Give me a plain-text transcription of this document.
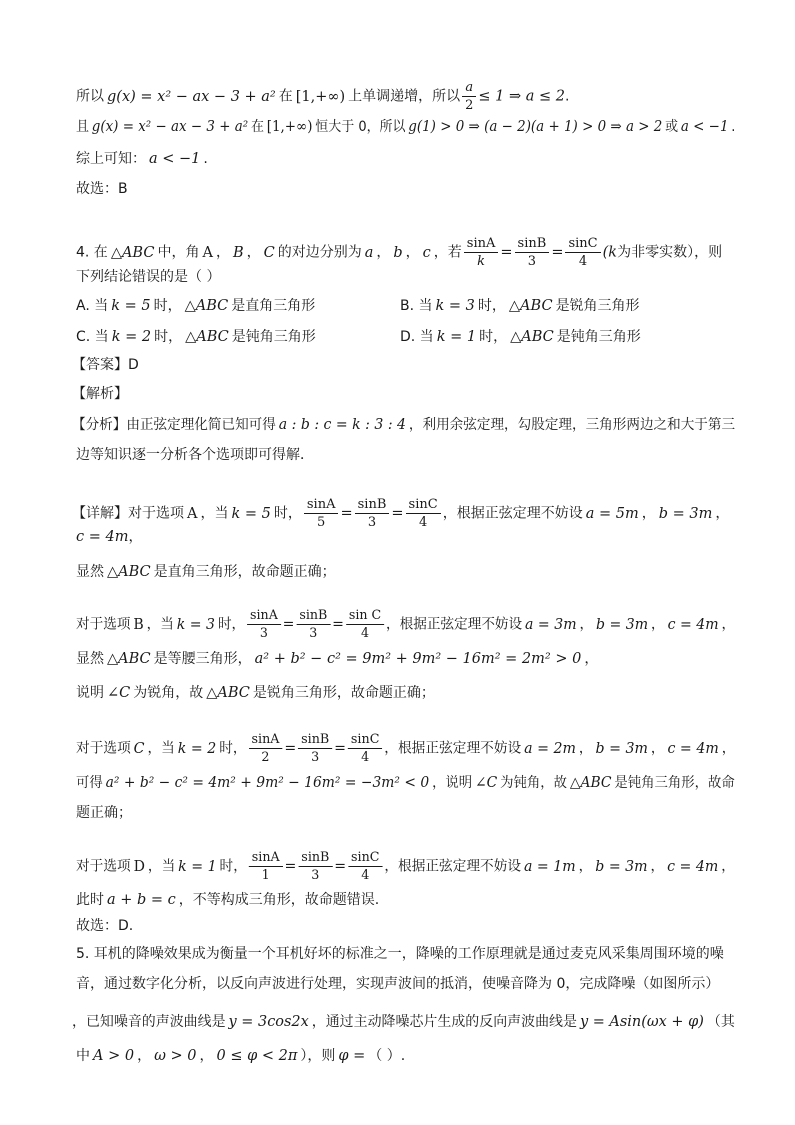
所以 g(x) = x² − ax − 3 + a² 在 [1,+∞) 上单调递增，所以 $\frac{a}{2} \le 1$ ⇒ a ≤ 2.
且 g(x) = x² − ax − 3 + a² 在 [1,+∞) 恒大于 0，所以 g(1) > 0 ⇒ (a − 2)(a + 1) > 0 ⇒ a > 2 或 a < −1 .
综上可知： a < −1 .
故选：B
4. 在 △ABC 中，角 A ， B ， C 的对边分别为 a ， b ， c ，若 $\frac{\sin A}{k} = \frac{\sin B}{3} = \frac{\sin C}{4} (k$为非零实数），则
下列结论错误的是（ ）
A. 当 k = 5 时， △ABC 是直角三角形	B. 当 k = 3 时， △ABC 是锐角三角形
C. 当 k = 2 时， △ABC 是钝角三角形	D. 当 k = 1 时， △ABC 是钝角三角形
【答案】D
【解析】
【分析】由正弦定理化简已知可得 a : b : c = k : 3 : 4 ，利用余弦定理，勾股定理，三角形两边之和大于第三
边等知识逐一分析各个选项即可得解．
【详解】对于选项 A ，当 k = 5 时， $\frac{\sin A}{5} = \frac{\sin B}{3} = \frac{\sin C}{4}$ ，根据正弦定理不妨设 a = 5m ， b = 3m ，
c = 4m，
显然 △ABC 是直角三角形，故命题正确；
对于选项 B ，当 k = 3 时， $\frac{\sin A}{3} = \frac{\sin B}{3} = \frac{\text{sin C}}{4}$ ，根据正弦定理不妨设 a = 3m ， b = 3m ， c = 4m ，
显然 △ABC 是等腰三角形， a² + b² − c² = 9m² + 9m² − 16m² = 2m² > 0 ，
说明 ∠C 为锐角，故 △ABC 是锐角三角形，故命题正确；
对于选项 C ，当 k = 2 时， $\frac{\sin A}{2} = \frac{\sin B}{3} = \frac{\sin C}{4}$ ，根据正弦定理不妨设 a = 2m ， b = 3m ， c = 4m ，
可得 a² + b² − c² = 4m² + 9m² − 16m² = −3m² < 0 ，说明 ∠C 为钝角，故 △ABC 是钝角三角形，故命
题正确；
对于选项 D ，当 k = 1 时， $\frac{\sin A}{1} = \frac{\sin B}{3} = \frac{\sin C}{4}$ ，根据正弦定理不妨设 a = 1m ， b = 3m ， c = 4m ，
此时 a + b = c ，不等构成三角形，故命题错误.
故选：D.
5. 耳机的降噪效果成为衡量一个耳机好坏的标准之一，降噪的工作原理就是通过麦克风采集周围环境的噪
音，通过数字化分析，以反向声波进行处理，实现声波间的抵消，使噪音降为 0，完成降噪（如图所示）
，已知噪音的声波曲线是 y = 3cos2x ，通过主动降噪芯片生成的反向声波曲线是 y = Asin(ωx + φ) （其
中 A > 0 ， ω > 0 ， 0 ≤ φ < 2π ），则 φ = （ ）.
